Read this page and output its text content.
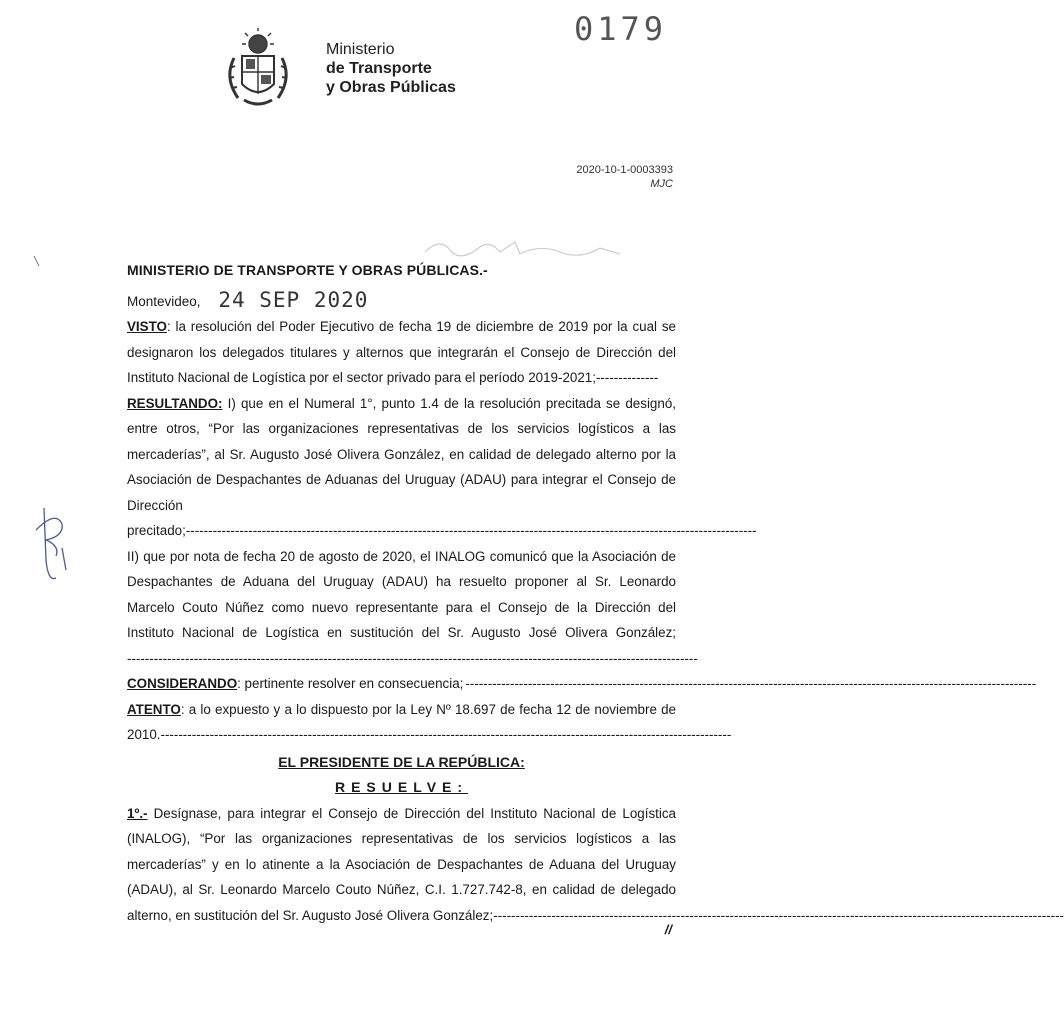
Ministerio
de Transporte
y Obras Públicas
0179
2020-10-1-0003393
MJC
MINISTERIO DE TRANSPORTE Y OBRAS PÚBLICAS.-
Montevideo, 24 SEP 2020

VISTO: la resolución del Poder Ejecutivo de fecha 19 de diciembre de 2019 por la cual se designaron los delegados titulares y alternos que integrarán el Consejo de Dirección del Instituto Nacional de Logística por el sector privado para el período 2019-2021;--------------

RESULTANDO: I) que en el Numeral 1°, punto 1.4 de la resolución precitada se designó, entre otros, “Por las organizaciones representativas de los servicios logísticos a las mercaderías”, al Sr. Augusto José Olivera González, en calidad de delegado alterno por la Asociación de Despachantes de Aduanas del Uruguay (ADAU) para integrar el Consejo de Dirección precitado;--------------------------------------------------------------------------------------------------------------------------------

II) que por nota de fecha 20 de agosto de 2020, el INALOG comunicó que la Asociación de Despachantes de Aduana del Uruguay (ADAU) ha resuelto proponer al Sr. Leonardo Marcelo Couto Núñez como nuevo representante para el Consejo de la Dirección del Instituto Nacional de Logística en sustitución del Sr. Augusto José Olivera González;--------------------------------------------------------------------------------------------------------------------------------

CONSIDERANDO: pertinente resolver en consecuencia; --------------------------------------------------------------------------------------------------------------------------------

ATENTO: a lo expuesto y a lo dispuesto por la Ley Nº 18.697 de fecha 12 de noviembre de 2010.--------------------------------------------------------------------------------------------------------------------------------

EL PRESIDENTE DE LA REPÚBLICA:
RESUELVE:

1º.- Desígnase, para integrar el Consejo de Dirección del Instituto Nacional de Logística (INALOG), “Por las organizaciones representativas de los servicios logísticos a las mercaderías” y en lo atinente a la Asociación de Despachantes de Aduana del Uruguay (ADAU), al Sr. Leonardo Marcelo Couto Núñez, C.I. 1.727.742-8, en calidad de delegado alterno, en sustitución del Sr. Augusto José Olivera González;--------------------------------------------------------------------------------------------------------------------------------

//
